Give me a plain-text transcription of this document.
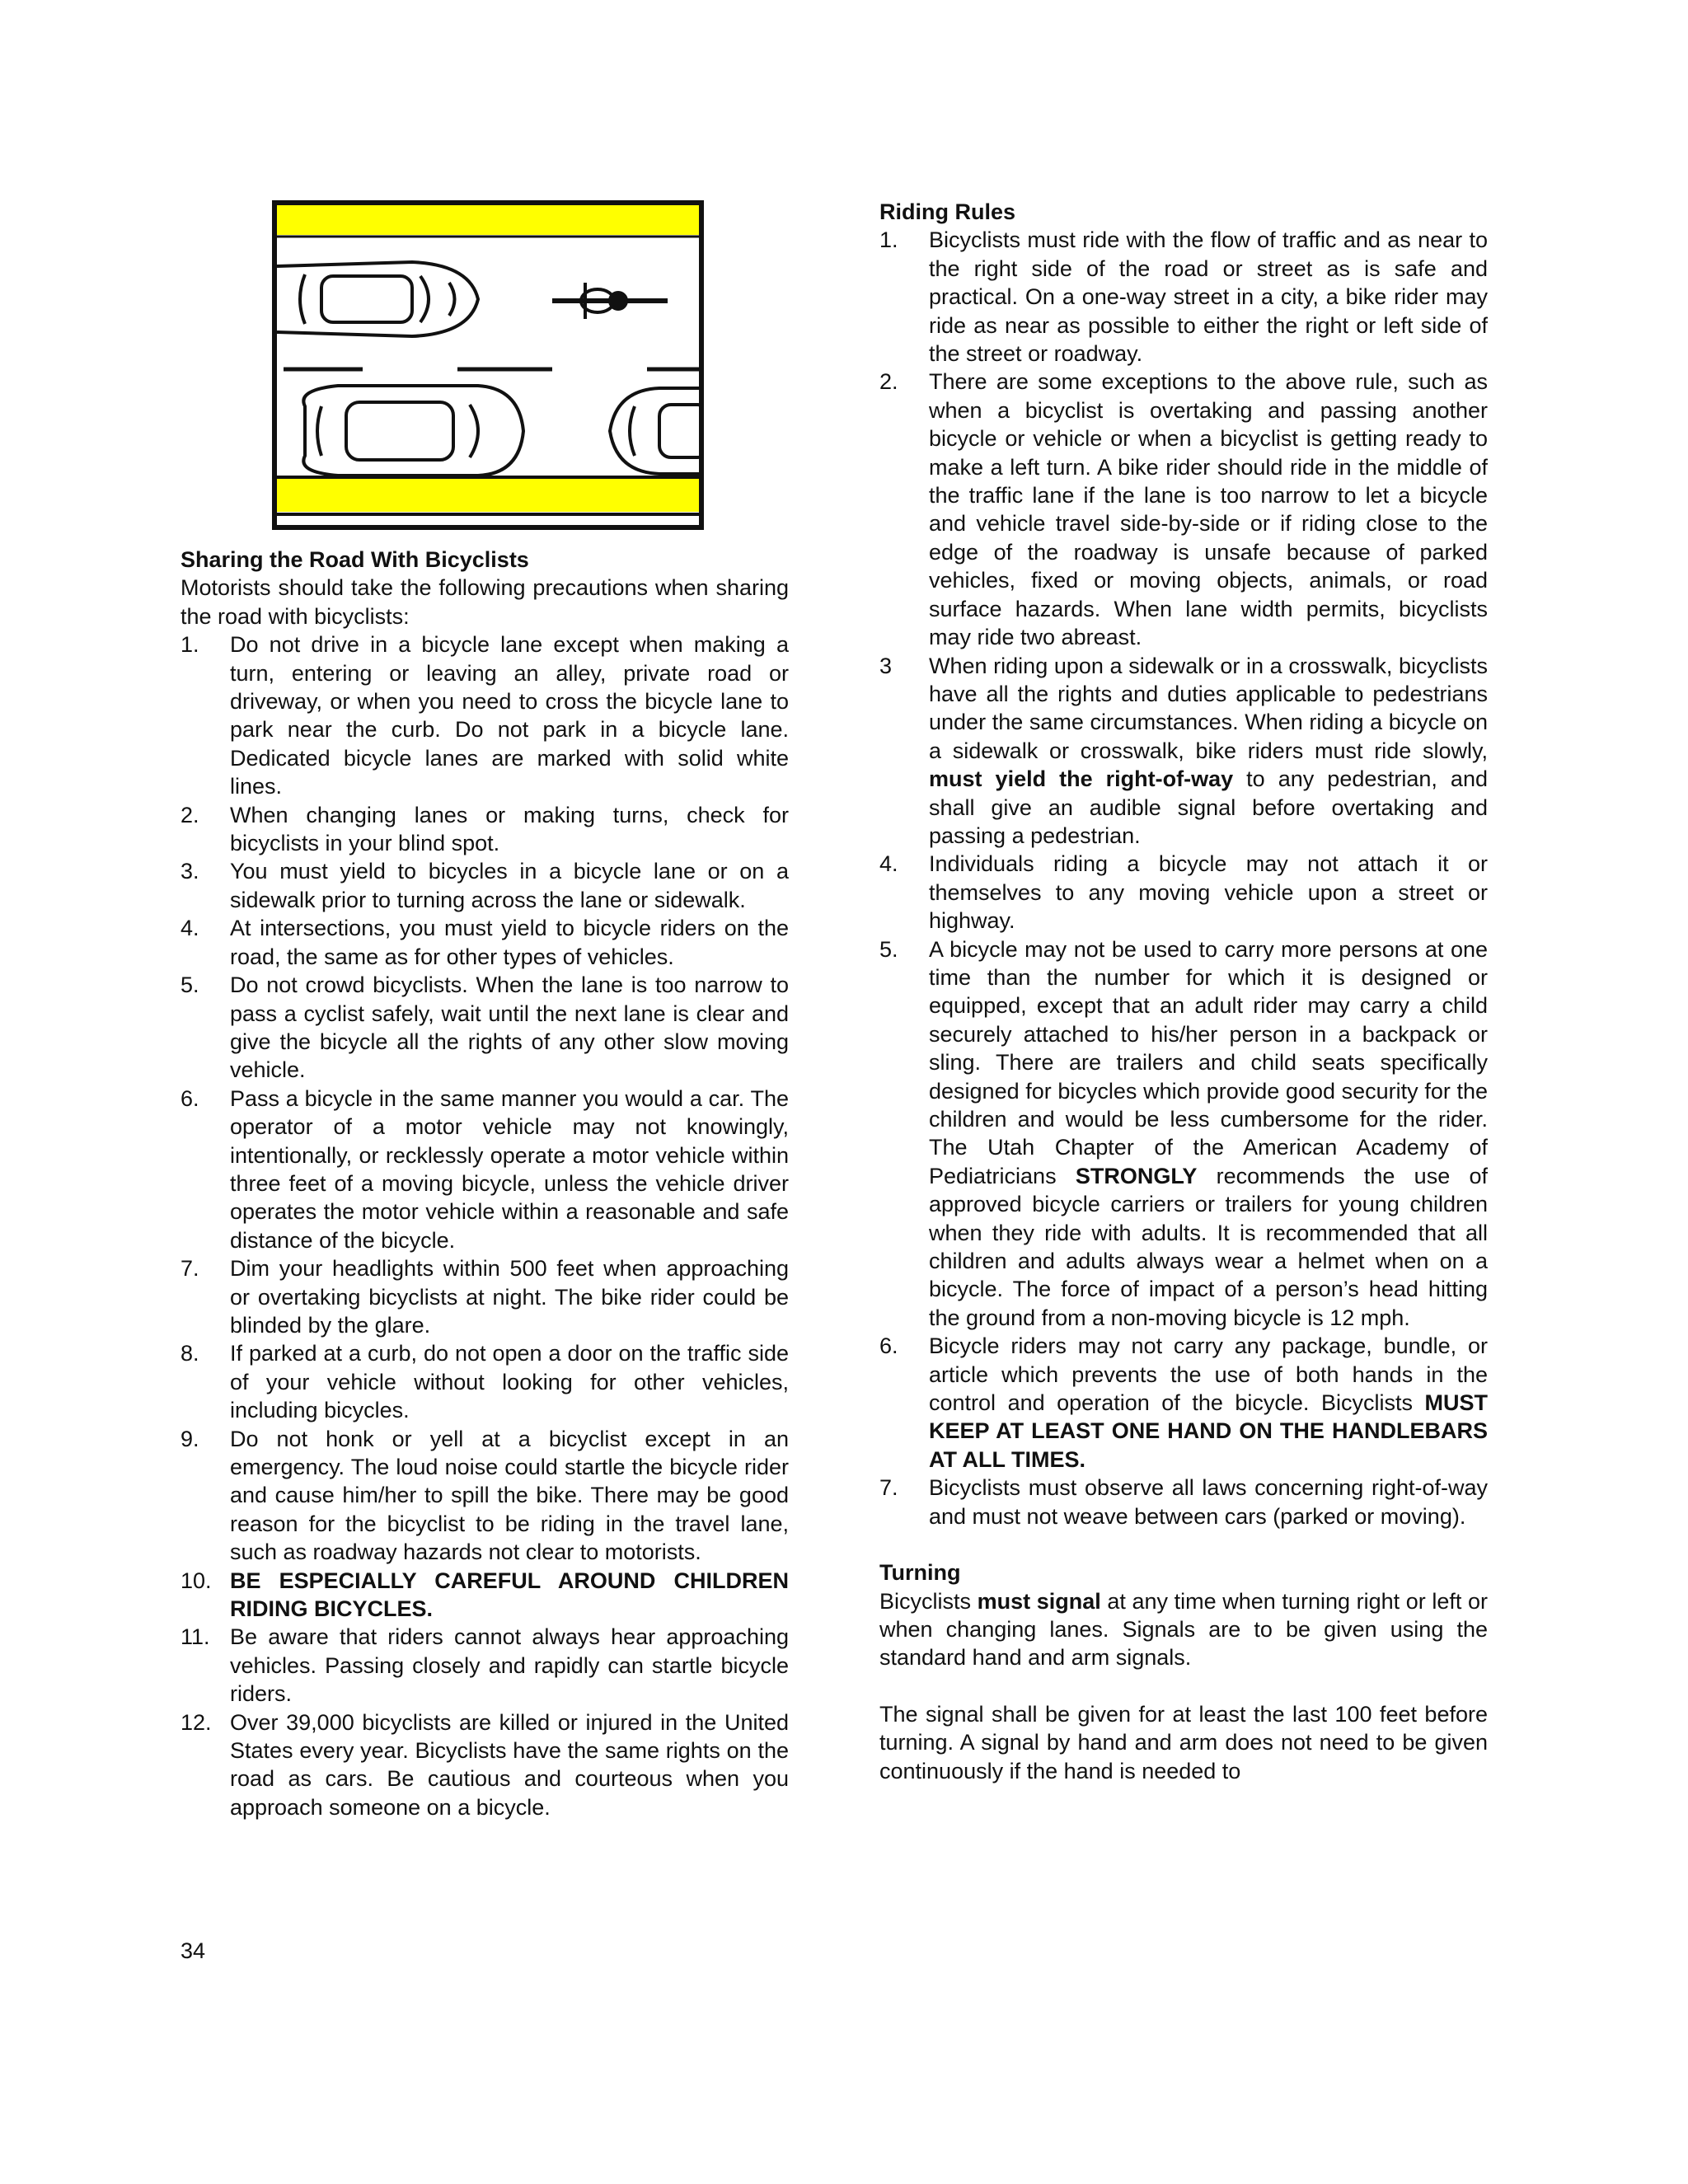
Sharing the Road With Bicyclists

Motorists should take the following precautions when sharing the road with bicyclists:

1.	Do not drive in a bicycle lane except when making a turn, entering or leaving an alley, private road or driveway, or when you need to cross the bicycle lane to park near the curb. Do not park in a bicycle lane. Dedicated bicycle lanes are marked with solid white lines.
2.	When changing lanes or making turns, check for bicyclists in your blind spot.
3.	You must yield to bicycles in a bicycle lane or on a sidewalk prior to turning across the lane or sidewalk.
4.	At intersections, you must yield to bicycle riders on the road, the same as for other types of vehicles.
5.	Do not crowd bicyclists. When the lane is too narrow to pass a cyclist safely, wait until the next lane is clear and give the bicycle all the rights of any other slow moving vehicle.
6.	Pass a bicycle in the same manner you would a car. The operator of a motor vehicle may not knowingly, intentionally, or recklessly operate a motor vehicle within three feet of a moving bicycle, unless the vehicle driver operates the motor vehicle within a reasonable and safe distance of the bicycle.
7.	Dim your headlights within 500 feet when approaching or overtaking bicyclists at night. The bike rider could be blinded by the glare.
8.	If parked at a curb, do not open a door on the traffic side of your vehicle without looking for other vehicles, including bicycles.
9.	Do not honk or yell at a bicyclist except in an emergency. The loud noise could startle the bicycle rider and cause him/her to spill the bike. There may be good reason for the bicyclist to be riding in the travel lane, such as roadway hazards not clear to motorists.
10. BE ESPECIALLY CAREFUL AROUND CHILDREN RIDING BICYCLES.
11. Be aware that riders cannot always hear approaching vehicles. Passing closely and rapidly can startle bicycle riders.
12. Over 39,000 bicyclists are killed or injured in the United States every year. Bicyclists have the same rights on the road as cars. Be cautious and courteous when you approach someone on a bicycle.
34

Riding Rules

1.	Bicyclists must ride with the flow of traffic and as near to the right side of the road or street as is safe and practical. On a one-way street in a city, a bike rider may ride as near as possible to either the right or left side of the street or roadway.
2.	There are some exceptions to the above rule, such as when a bicyclist is overtaking and passing another bicycle or vehicle or when a bicyclist is getting ready to make a left turn. A bike rider should ride in the middle of the traffic lane if the lane is too narrow to let a bicycle and vehicle travel side-by-side or if riding close to the edge of the roadway is unsafe because of parked vehicles, fixed or moving objects, animals, or road surface hazards. When lane width permits, bicyclists may ride two abreast.
3	When riding upon a sidewalk or in a crosswalk, bicyclists have all the rights and duties applicable to pedestrians under the same circumstances. When riding a bicycle on a sidewalk or crosswalk, bike riders must ride slowly, must yield the right-of-way to any pedestrian, and shall give an audible signal before overtaking and passing a pedestrian.
4.	Individuals riding a bicycle may not attach it or themselves to any moving vehicle upon a street or highway.
5.	A bicycle may not be used to carry more persons at one time than the number for which it is designed or equipped, except that an adult rider may carry a child securely attached to his/her person in a backpack or sling. There are trailers and child seats specifically designed for bicycles which provide good security for the children and would be less cumbersome for the rider. The Utah Chapter of the American Academy of Pediatricians STRONGLY recommends the use of approved bicycle carriers or trailers for young children when they ride with adults. It is recommended that all children and adults always wear a helmet when on a bicycle. The force of impact of a person’s head hitting the ground from a non-moving bicycle is 12 mph.
6.	Bicycle riders may not carry any package, bundle, or article which prevents the use of both hands in the control and operation of the bicycle. Bicyclists MUST KEEP AT LEAST ONE HAND ON THE HANDLEBARS AT ALL TIMES.
7.	Bicyclists must observe all laws concerning right-of-way and must not weave between cars (parked or moving).

Turning

Bicyclists must signal at any time when turning right or left or when changing lanes. Signals are to be given using the standard hand and arm signals.

The signal shall be given for at least the last 100 feet before turning. A signal by hand and arm does not need to be given continuously if the hand is needed to
